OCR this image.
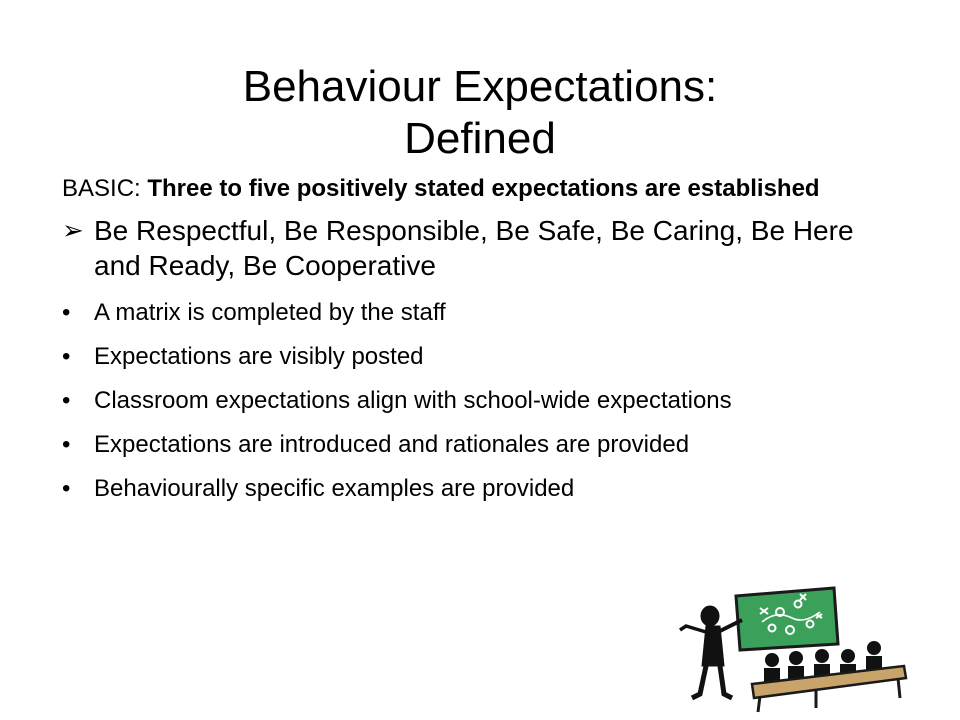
Behaviour Expectations:
Defined

BASIC: Three to five positively stated expectations are established

➢ Be Respectful, Be Responsible, Be Safe, Be Caring, Be Here and Ready, Be Cooperative
• A matrix is completed by the staff
• Expectations are visibly posted
• Classroom expectations align with school-wide expectations
• Expectations are introduced and rationales are provided
• Behaviourally specific examples are provided
